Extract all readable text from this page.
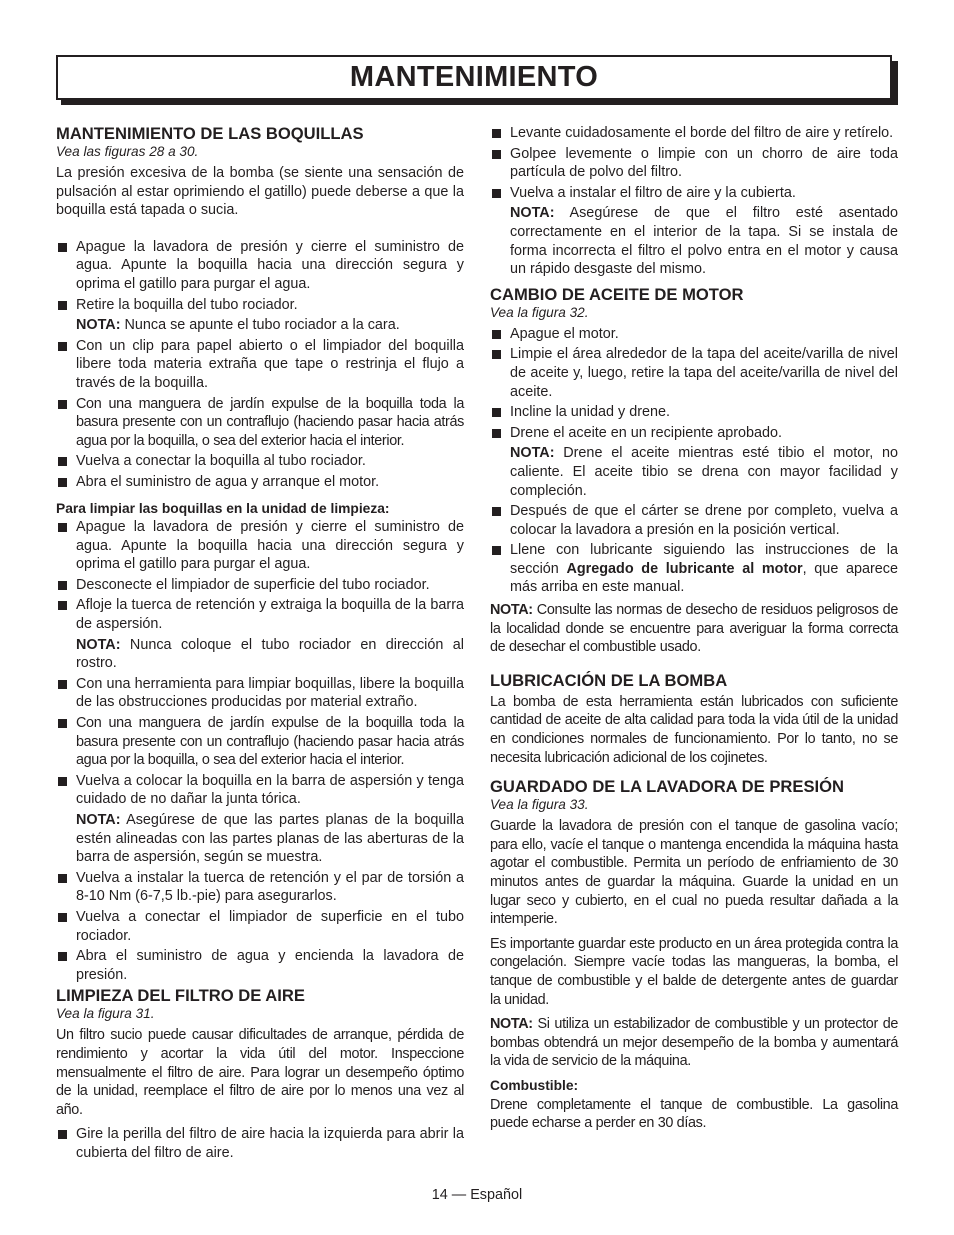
MANTENIMIENTO
MANTENIMIENTO DE LAS BOQUILLAS
Vea las figuras 28 a 30.

La presión excesiva de la bomba (se siente una sensación de pulsación al estar oprimiendo el gatillo) puede deberse a que la boquilla está tapada o sucia.

Apague la lavadora de presión y cierre el suministro de agua. Apunte la boquilla hacia una dirección segura y oprima el gatillo para purgar el agua.
Retire la boquilla del tubo rociador.
NOTA: Nunca se apunte el tubo rociador a la cara.
Con un clip para papel abierto o el limpiador del boquilla libere toda materia extraña que tape o restrinja el flujo a través de la boquilla.
Con una manguera de jardín expulse de la boquilla toda la basura presente con un contraflujo (haciendo pasar hacia atrás agua por la boquilla, o sea del exterior hacia el interior.
Vuelva a conectar la boquilla al tubo rociador.
Abra el suministro de agua y arranque el motor.
Para limpiar las boquillas en la unidad de limpieza:
Apague la lavadora de presión y cierre el suministro de agua. Apunte la boquilla hacia una dirección segura y oprima el gatillo para purgar el agua.
Desconecte el limpiador de superficie del tubo rociador.
Afloje la tuerca de retención y extraiga la boquilla de la barra de aspersión.
NOTA: Nunca coloque el tubo rociador en dirección al rostro.
Con una herramienta para limpiar boquillas, libere la boquilla de las obstrucciones producidas por material extraño.
Con una manguera de jardín expulse de la boquilla toda la basura presente con un contraflujo (haciendo pasar hacia atrás agua por la boquilla, o sea del exterior hacia el interior.
Vuelva a colocar la boquilla en la barra de aspersión y tenga cuidado de no dañar la junta tórica.
NOTA: Asegúrese de que las partes planas de la boquilla estén alineadas con las partes planas de las aberturas de la barra de aspersión, según se muestra.
Vuelva a instalar la tuerca de retención y el par de torsión a 8-10 Nm (6-7,5 lb.-pie) para asegurarlos.
Vuelva a conectar el limpiador de superficie en el tubo rociador.
Abra el suministro de agua y encienda la lavadora de presión.
LIMPIEZA DEL FILTRO DE AIRE
Vea la figura 31.

Un filtro sucio puede causar dificultades de arranque, pérdida de rendimiento y acortar la vida útil del motor. Inspeccione mensualmente el filtro de aire. Para lograr un desempeño óptimo de la unidad, reemplace el filtro de aire por lo menos una vez al año.

Gire la perilla del filtro de aire hacia la izquierda para abrir la cubierta del filtro de aire.
Levante cuidadosamente el borde del filtro de aire y retírelo.
Golpee levemente o limpie con un chorro de aire toda partícula de polvo del filtro.
Vuelva a instalar el filtro de aire y la cubierta.
NOTA: Asegúrese de que el filtro esté asentado correctamente en el interior de la tapa. Si se instala de forma incorrecta el filtro el polvo entra en el motor y causa un rápido desgaste del mismo.
CAMBIO DE ACEITE DE MOTOR
Vea la figura 32.
Apague el motor.
Limpie el área alrededor de la tapa del aceite/varilla de nivel de aceite y, luego, retire la tapa del aceite/varilla de nivel del aceite.
Incline la unidad y drene.
Drene el aceite en un recipiente aprobado.
NOTA: Drene el aceite mientras esté tibio el motor, no caliente. El aceite tibio se drena con mayor facilidad y compleción.
Después de que el cárter se drene por completo, vuelva a colocar la lavadora a presión en la posición vertical.
Llene con lubricante siguiendo las instrucciones de la sección Agregado de lubricante al motor, que aparece más arriba en este manual.

NOTA: Consulte las normas de desecho de residuos peligrosos de la localidad donde se encuentre para averiguar la forma correcta de desechar el combustible usado.

LUBRICACIÓN DE LA BOMBA

La bomba de esta herramienta están lubricados con suficiente cantidad de aceite de alta calidad para toda la vida útil de la unidad en condiciones normales de funcionamiento. Por lo tanto, no se necesita lubricación adicional de los cojinetes.

GUARDADO DE LA LAVADORA DE PRESIÓN
Vea la figura 33.

Guarde la lavadora de presión con el tanque de gasolina vacío; para ello, vacíe el tanque o mantenga encendida la máquina hasta agotar el combustible. Permita un período de enfriamiento de 30 minutos antes de guardar la máquina. Guarde la unidad en un lugar seco y cubierto, en el cual no pueda resultar dañada a la intemperie.

Es importante guardar este producto en un área protegida contra la congelación. Siempre vacíe todas las mangueras, la bomba, el tanque de combustible y el balde de detergente antes de guardar la unidad.

NOTA: Si utiliza un estabilizador de combustible y un protector de bombas obtendrá un mejor desempeño de la bomba y aumentará la vida de servicio de la máquina.

Combustible:

Drene completamente el tanque de combustible. La gasolina puede echarse a perder en 30 días.

14 — Español
